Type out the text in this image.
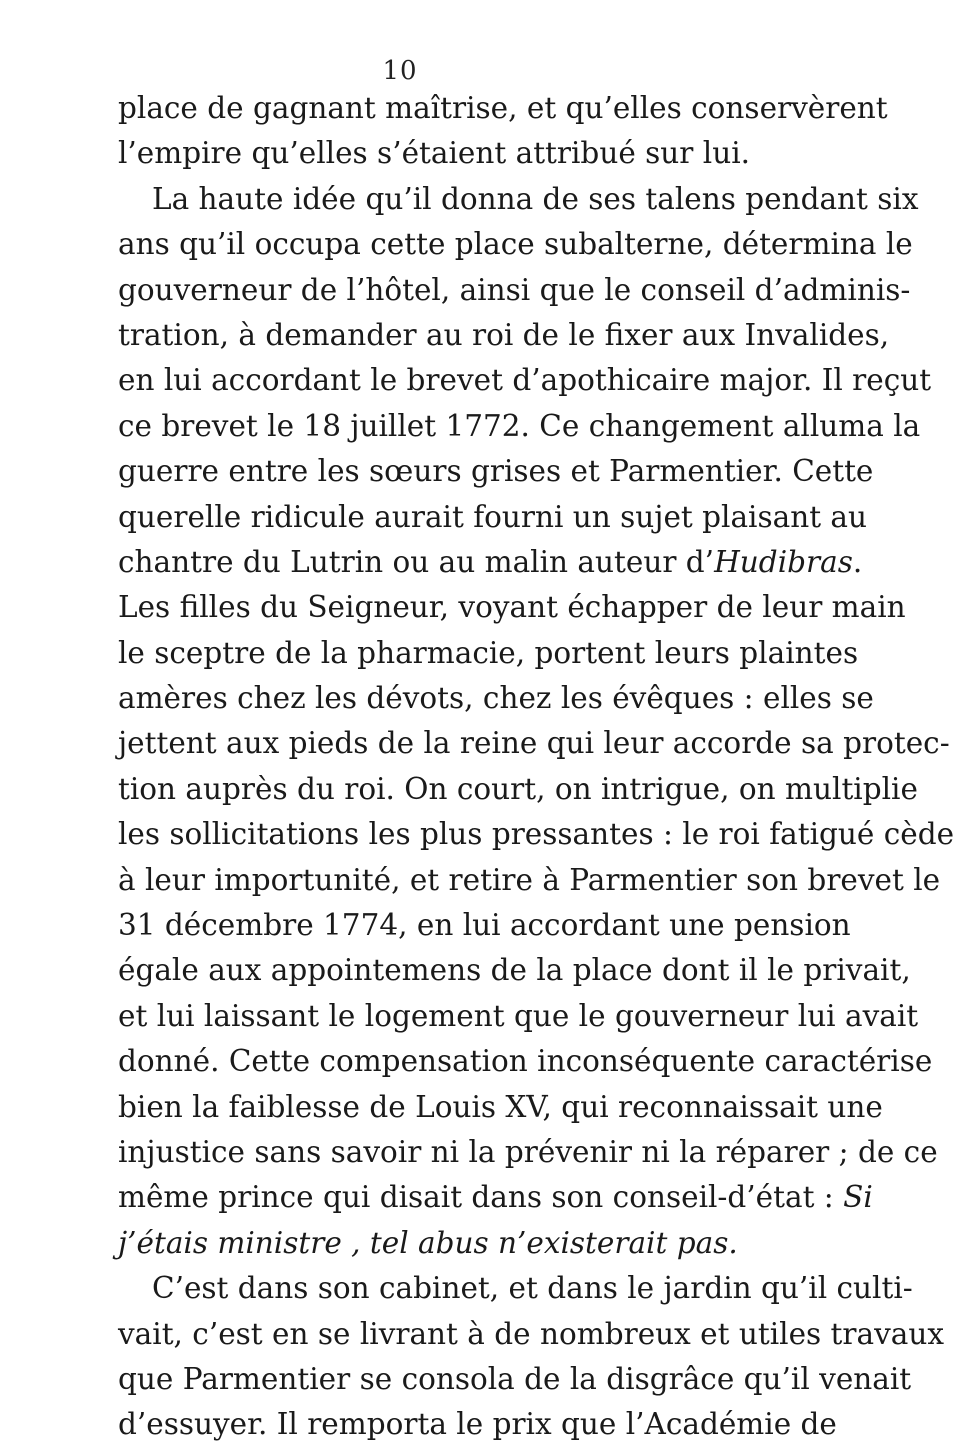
10
place de gagnant maîtrise, et qu’elles conservèrent
l’empire qu’elles s’étaient attribué sur lui.
La haute idée qu’il donna de ses talens pendant six
ans qu’il occupa cette place subalterne, détermina le
gouverneur de l’hôtel, ainsi que le conseil d’adminis-
tration, à demander au roi de le fixer aux Invalides,
en lui accordant le brevet d’apothicaire major. Il reçut
ce brevet le 18 juillet 1772. Ce changement alluma la
guerre entre les sœurs grises et Parmentier. Cette
querelle ridicule aurait fourni un sujet plaisant au
chantre du Lutrin ou au malin auteur d’Hudibras.
Les filles du Seigneur, voyant échapper de leur main
le sceptre de la pharmacie, portent leurs plaintes
amères chez les dévots, chez les évêques : elles se
jettent aux pieds de la reine qui leur accorde sa protec-
tion auprès du roi. On court, on intrigue, on multiplie
les sollicitations les plus pressantes : le roi fatigué cède
à leur importunité, et retire à Parmentier son brevet le
31 décembre 1774, en lui accordant une pension
égale aux appointemens de la place dont il le privait,
et lui laissant le logement que le gouverneur lui avait
donné. Cette compensation inconséquente caractérise
bien la faiblesse de Louis XV, qui reconnaissait une
injustice sans savoir ni la prévenir ni la réparer ; de ce
même prince qui disait dans son conseil-d’état : Si
j’étais ministre , tel abus n’existerait pas.
C’est dans son cabinet, et dans le jardin qu’il culti-
vait, c’est en se livrant à de nombreux et utiles travaux
que Parmentier se consola de la disgrâce qu’il venait
d’essuyer. Il remporta le prix que l’Académie de
